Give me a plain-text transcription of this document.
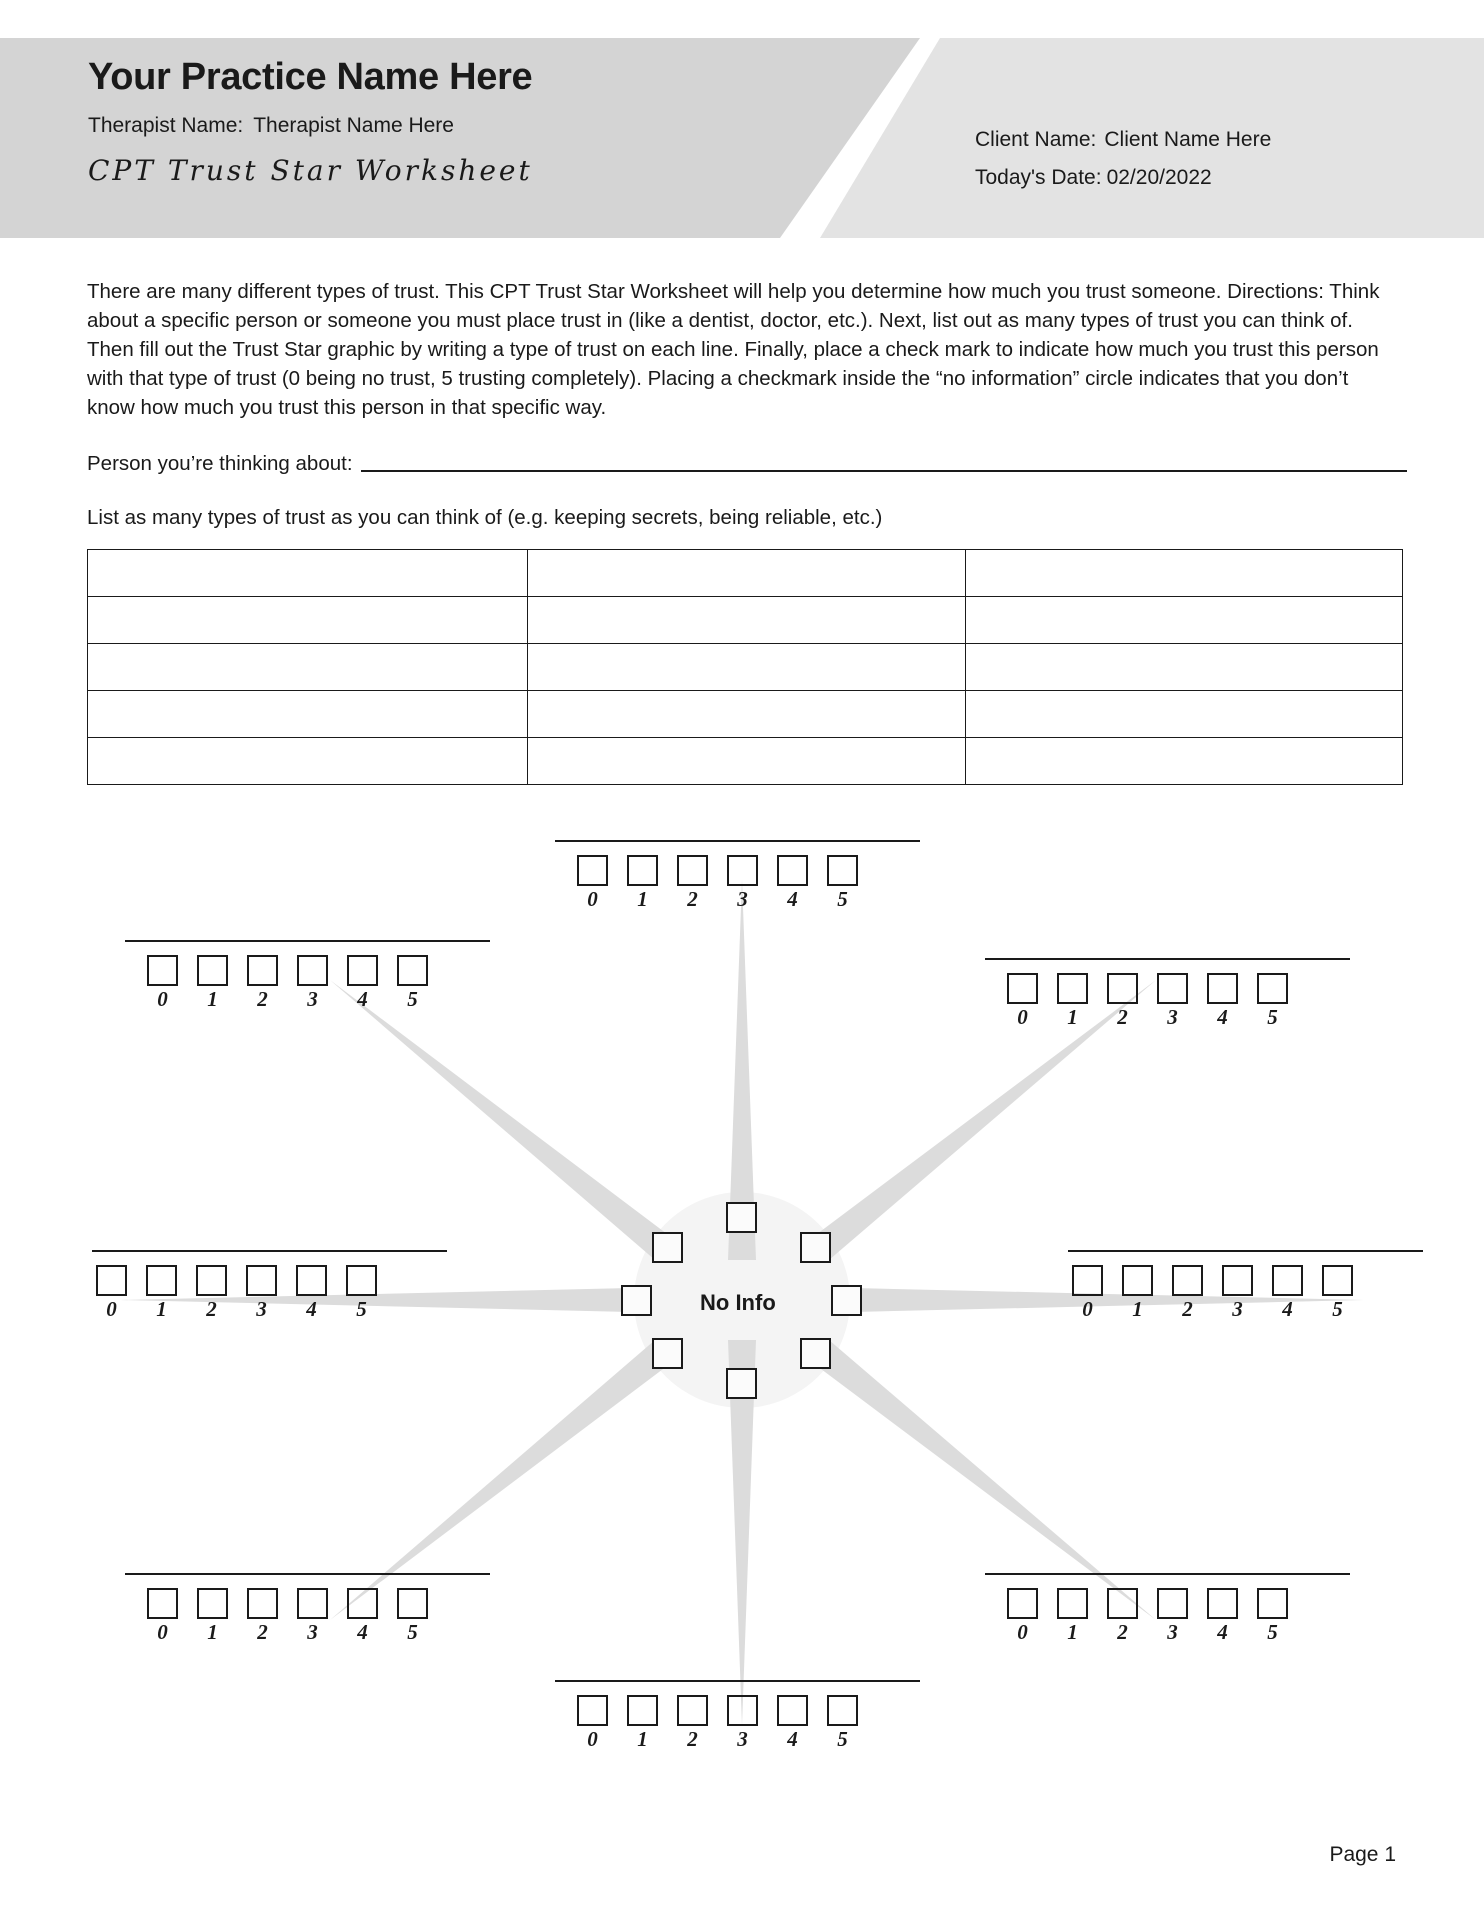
Your Practice Name Here
Therapist Name: Therapist Name Here
CPT Trust Star Worksheet
Client Name: Client Name Here
Today's Date: 02/20/2022
There are many different types of trust. This CPT Trust Star Worksheet will help you determine how much you trust someone. Directions: Think about a specific person or someone you must place trust in (like a dentist, doctor, etc.). Next, list out as many types of trust you can think of. Then fill out the Trust Star graphic by writing a type of trust on each line. Finally, place a check mark to indicate how much you trust this person with that type of trust (0 being no trust, 5 trusting completely). Placing a checkmark inside the “no information” circle indicates that you don’t know how much you trust this person in that specific way.
Person you’re thinking about:
List as many types of trust as you can think of (e.g. keeping secrets, being reliable, etc.)

No Info
0 1 2 3 4 5
0 1 2 3 4 5
0 1 2 3 4 5
0 1 2 3 4 5	0 1 2 3 4 5
0 1 2 3 4 5	0 1 2 3 4 5
0 1 2 3 4 5
Page 1
